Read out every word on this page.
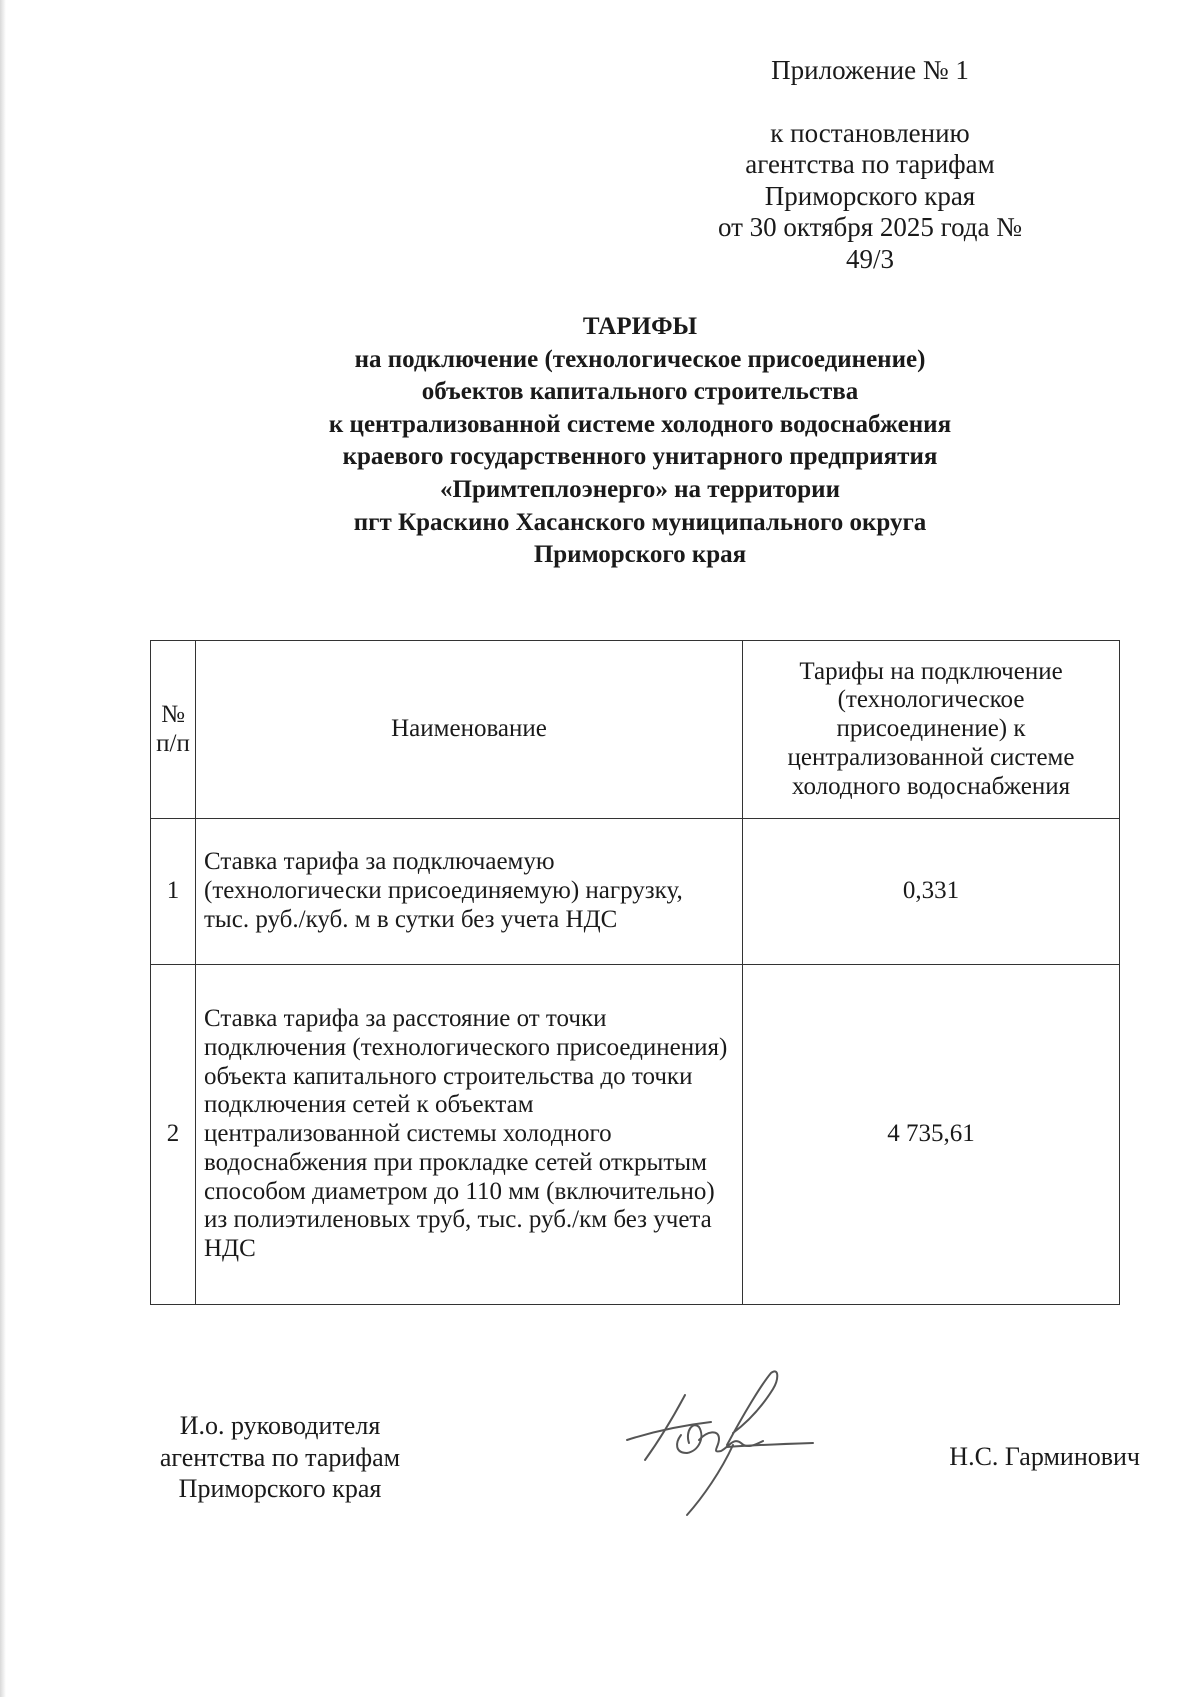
Приложение № 1
к постановлению
агентства по тарифам
Приморского края
от 30 октября 2025 года № 49/3
ТАРИФЫ
на подключение (технологическое присоединение)
объектов капитального строительства
к централизованной системе холодного водоснабжения
краевого государственного унитарного предприятия
«Примтеплоэнерго» на территории
пгт Краскино Хасанского муниципального округа
Приморского края
№ п/п	Наименование	Тарифы на подключение (технологическое присоединение) к централизованной системе холодного водоснабжения
1	Ставка тарифа за подключаемую (технологически присоединяемую) нагрузку, тыс. руб./куб. м в сутки без учета НДС	0,331
2	Ставка тарифа за расстояние от точки подключения (технологического присоединения) объекта капитального строительства до точки подключения сетей к объектам централизованной системы холодного водоснабжения при прокладке сетей открытым способом диаметром до 110 мм (включительно) из полиэтиленовых труб, тыс. руб./км без учета НДС	4 735,61
И.о. руководителя
агентства по тарифам
Приморского края
Н.С. Гарминович
